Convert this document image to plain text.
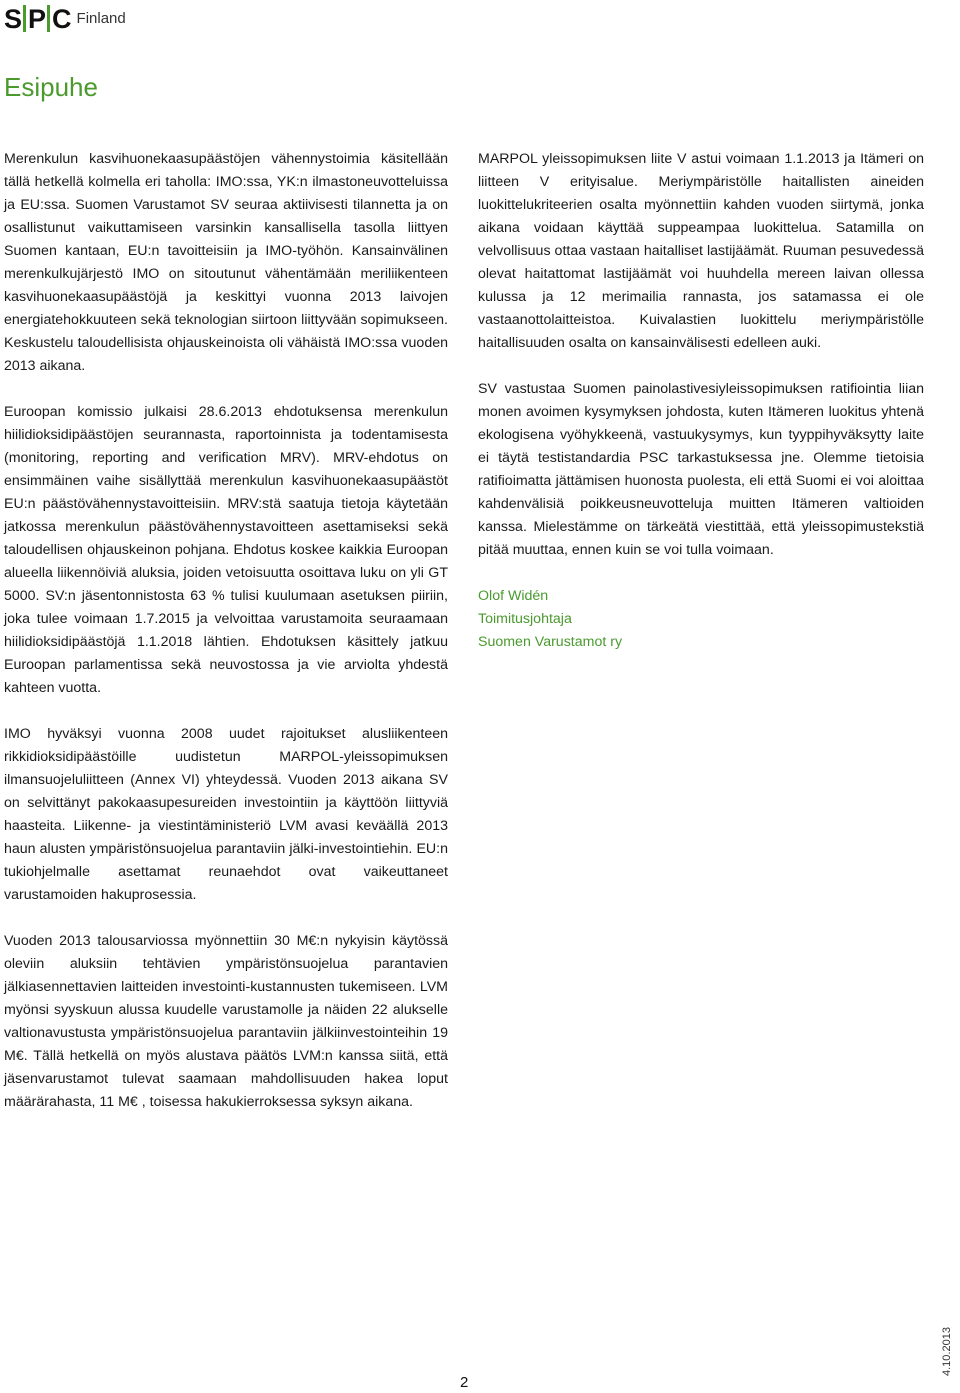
S P C Finland
Esipuhe

Merenkulun kasvihuonekaasupäästöjen vähennystoimia käsitellään tällä hetkellä kolmella eri taholla: IMO:ssa, YK:n ilmastoneuvotteluissa ja EU:ssa. Suomen Varustamot SV seuraa aktiivisesti tilannetta ja on osallistunut vaikuttamiseen varsinkin kansallisella tasolla liittyen Suomen kantaan, EU:n tavoitteisiin ja IMO-työhön. Kansainvälinen merenkulkujärjestö IMO on sitoutunut vähentämään meriliikenteen kasvihuonekaasupäästöjä ja keskittyi vuonna 2013 laivojen energiatehokkuuteen sekä teknologian siirtoon liittyvään sopimukseen. Keskustelu taloudellisista ohjauskeinoista oli vähäistä IMO:ssa vuoden 2013 aikana.

Euroopan komissio julkaisi 28.6.2013 ehdotuksensa merenkulun hiilidioksidipäästöjen seurannasta, raportoinnista ja todentamisesta (monitoring, reporting and verification MRV). MRV-ehdotus on ensimmäinen vaihe sisällyttää merenkulun kasvihuonekaasupäästöt EU:n päästövähennystavoitteisiin. MRV:stä saatuja tietoja käytetään jatkossa merenkulun päästövähennystavoitteen asettamiseksi sekä taloudellisen ohjauskeinon pohjana. Ehdotus koskee kaikkia Euroopan alueella liikennöiviä aluksia, joiden vetoisuutta osoittava luku on yli GT 5000. SV:n jäsentonnistosta 63 % tulisi kuulumaan asetuksen piiriin, joka tulee voimaan 1.7.2015 ja velvoittaa varustamoita seuraamaan hiilidioksidipäästöjä 1.1.2018 lähtien. Ehdotuksen käsittely jatkuu Euroopan parlamentissa sekä neuvostossa ja vie arviolta yhdestä kahteen vuotta.

IMO hyväksyi vuonna 2008 uudet rajoitukset alusliikenteen rikkidioksidipäästöille uudistetun MARPOL-yleissopimuksen ilmansuojeluliitteen (Annex VI) yhteydessä. Vuoden 2013 aikana SV on selvittänyt pakokaasupesureiden investointiin ja käyttöön liittyviä haasteita. Liikenne- ja viestintäministeriö LVM avasi keväällä 2013 haun alusten ympäristönsuojelua parantaviin jälki-investointiehin. EU:n tukiohjelmalle asettamat reunaehdot ovat vaikeuttaneet varustamoiden hakuprosessia.

Vuoden 2013 talousarviossa myönnettiin 30 M€:n nykyisin käytössä oleviin aluksiin tehtävien ympäristönsuojelua parantavien jälkiasennettavien laitteiden investointi-kustannusten tukemiseen. LVM myönsi syyskuun alussa kuudelle varustamolle ja näiden 22 alukselle valtionavustusta ympäristönsuojelua parantaviin jälkiinvestointeihin 19 M€. Tällä hetkellä on myös alustava päätös LVM:n kanssa siitä, että jäsenvarustamot tulevat saamaan mahdollisuuden hakea loput määrärahasta, 11 M€ , toisessa hakukierroksessa syksyn aikana.

MARPOL yleissopimuksen liite V astui voimaan 1.1.2013 ja Itämeri on liitteen V erityisalue. Meriympäristölle haitallisten aineiden luokittelukriteerien osalta myönnettiin kahden vuoden siirtymä, jonka aikana voidaan käyttää suppeampaa luokittelua. Satamilla on velvollisuus ottaa vastaan haitalliset lastijäämät. Ruuman pesuvedessä olevat haitattomat lastijäämät voi huuhdella mereen laivan ollessa kulussa ja 12 merimailia rannasta, jos satamassa ei ole vastaanottolaitteistoa. Kuivalastien luokittelu meriympäristölle haitallisuuden osalta on kansainvälisesti edelleen auki.

SV vastustaa Suomen painolastivesiyleissopimuksen ratifiointia liian monen avoimen kysymyksen johdosta, kuten Itämeren luokitus yhtenä ekologisena vyöhykkeenä, vastuukysymys, kun tyyppihyväksytty laite ei täytä testistandardia PSC tarkastuksessa jne. Olemme tietoisia ratifioimatta jättämisen huonosta puolesta, eli että Suomi ei voi aloittaa kahdenvälisiä poikkeusneuvotteluja muitten Itämeren valtioiden kanssa. Mielestämme on tärkeätä viestittää, että yleissopimustekstiä pitää muuttaa, ennen kuin se voi tulla voimaan.

Olof Widén
Toimitusjohtaja
Suomen Varustamot ry
2
4.10.2013
